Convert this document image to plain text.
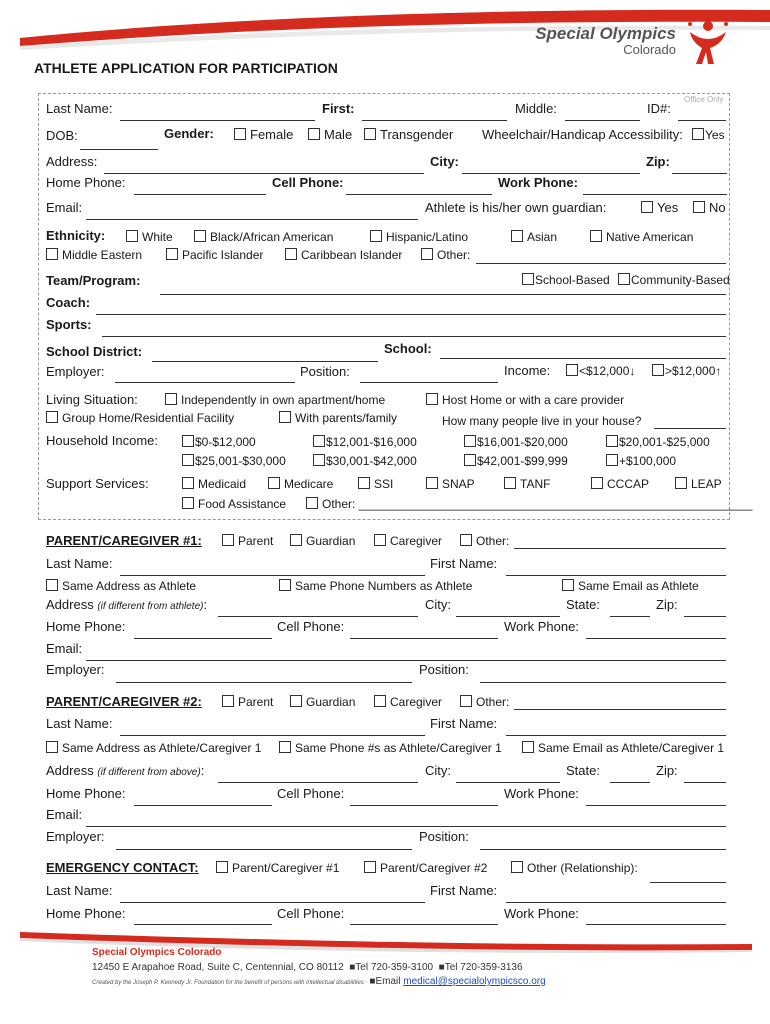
Special Olympics
Colorado
ATHLETE APPLICATION FOR PARTICIPATION
Office Only
Last Name:	First:	Middle:	ID#:
DOB:	Gender:	Female	Male	Transgender Wheelchair/Handicap Accessibility:	Yes
Address:	City:	Zip:
Home Phone:	Cell Phone:	Work Phone:
Email:	Athlete is his/her own guardian:	Yes	No
Ethnicity:	White	Black/African American	Hispanic/Latino	Asian	Native American
Middle Eastern	Pacific Islander	Caribbean Islander	Other:
Team/Program:	School-Based	Community-Based
Coach:
Sports:
School District:	School:
Employer:	Position:	Income:	<$12,000↓	>$12,000↑
Living Situation:	Independently in own apartment/home	Host Home or with a care provider
Group Home/Residential Facility	With parents/family	How many people live in your house?
Household Income:	$0-$12,000	$12,001-$16,000	$16,001-$20,000	$20,001-$25,000
$25,001-$30,000	$30,001-$42,000	$42,001-$99,999	+$100,000
Support Services:	Medicaid	Medicare	SSI	SNAP	TANF	CCCAP	LEAP
Food Assistance	Other: ___________________________________________________________
PARENT/CAREGIVER #1:	Parent	Guardian	Caregiver	Other:
Last Name:	First Name:
Same Address as Athlete	Same Phone Numbers as Athlete	Same Email as Athlete
Address (if different from athlete):	City:	State:	Zip:
Home Phone:	Cell Phone:	Work Phone:
Email:
Employer:	Position:
PARENT/CAREGIVER #2:	Parent	Guardian	Caregiver	Other:
Last Name:	First Name:
Same Address as Athlete/Caregiver 1	Same Phone #s as Athlete/Caregiver 1	Same Email as Athlete/Caregiver 1
Address (if different from above):	City:	State:	Zip:
Home Phone:	Cell Phone:	Work Phone:
Email:
Employer:	Position:
EMERGENCY CONTACT:	Parent/Caregiver #1	Parent/Caregiver #2	Other (Relationship):
Last Name:	First Name:
Home Phone:	Cell Phone:	Work Phone:
Special Olympics Colorado
12450 E Arapahoe Road, Suite C, Centennial, CO 80112 ■Tel 720-359-3100 ■Tel 720-359-3136
Created by the Joseph P. Kennedy Jr. Foundation for the benefit of persons with intellectual disabilities ■Email medical@specialolympicsco.org
